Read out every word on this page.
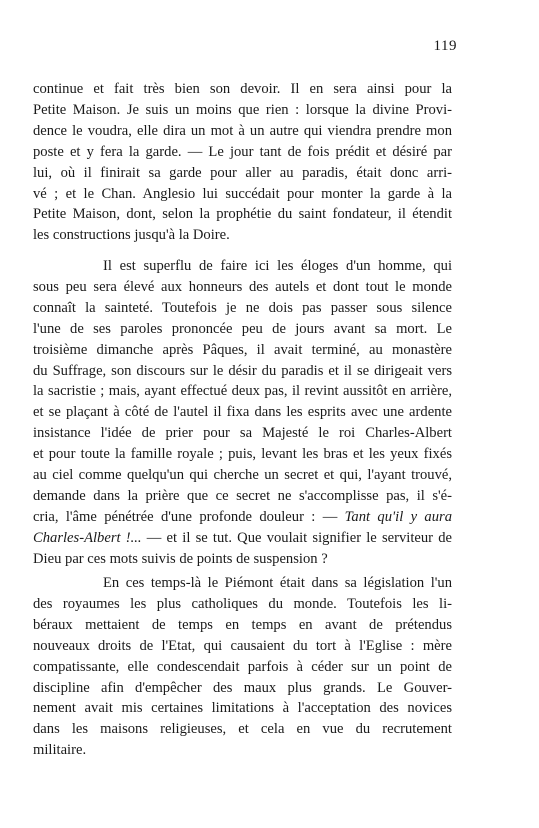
119
continue et fait très bien son devoir. Il en sera ainsi pour la
Petite Maison. Je suis un moins que rien : lorsque la divine Provi-
dence le voudra, elle dira un mot à un autre qui viendra prendre mon
poste et y fera la garde. — Le jour tant de fois prédit et désiré par
lui, où il finirait sa garde pour aller au paradis, était donc arri-
vé ; et le Chan. Anglesio lui succédait pour monter la garde à la
Petite Maison, dont, selon la prophétie du saint fondateur, il étendit
les constructions jusqu'à la Doire.
Il est superflu de faire ici les éloges d'un homme, qui
sous peu sera élevé aux honneurs des autels et dont tout le monde
connaît la sainteté. Toutefois je ne dois pas passer sous silence
l'une de ses paroles prononcée peu de jours avant sa mort. Le
troisième dimanche après Pâques, il avait terminé, au monastère
du Suffrage, son discours sur le désir du paradis et il se dirigeait vers
la sacristie ; mais, ayant effectué deux pas, il revint aussitôt en arrière,
et se plaçant à côté de l'autel il fixa dans les esprits avec une ardente
insistance l'idée de prier pour sa Majesté le roi Charles-Albert
et pour toute la famille royale ; puis, levant les bras et les yeux fixés
au ciel comme quelqu'un qui cherche un secret et qui, l'ayant trouvé,
demande dans la prière que ce secret ne s'accomplisse pas, il s'é-
cria, l'âme pénétrée d'une profonde douleur : — Tant qu'il y aura
Charles-Albert !... — et il se tut. Que voulait signifier le serviteur de
Dieu par ces mots suivis de points de suspension ?
En ces temps-là le Piémont était dans sa législation l'un
des royaumes les plus catholiques du monde. Toutefois les li-
béraux mettaient de temps en temps en avant de prétendus
nouveaux droits de l'Etat, qui causaient du tort à l'Eglise : mère
compatissante, elle condescendait parfois à céder sur un point de
discipline afin d'empêcher des maux plus grands. Le Gouver-
nement avait mis certaines limitations à l'acceptation des novices
dans les maisons religieuses, et cela en vue du recrutement
militaire.
